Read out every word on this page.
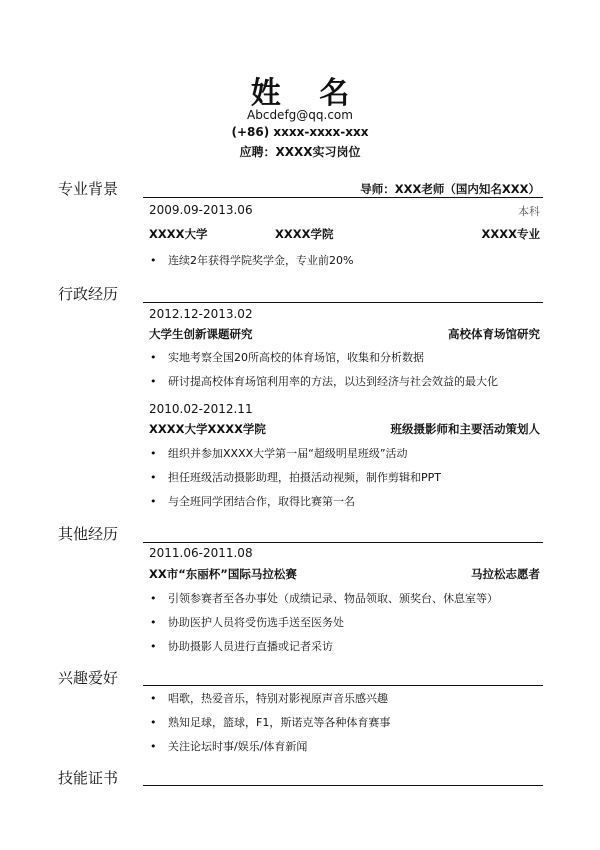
姓 名
Abcdefg@qq.com
(+86) xxxx-xxxx-xxx
应聘：XXXX实习岗位
专业背景	导师：XXX老师（国内知名XXX）
2009.09-2013.06	本科
XXXX大学	XXXX学院	XXXX专业
• 连续2年获得学院奖学金，专业前20%
行政经历
2012.12-2013.02
大学生创新课题研究	高校体育场馆研究
• 实地考察全国20所高校的体育场馆，收集和分析数据
• 研讨提高校体育场馆利用率的方法，以达到经济与社会效益的最大化
2010.02-2012.11
XXXX大学XXXX学院	班级摄影师和主要活动策划人
• 组织并参加XXXX大学第一届“超级明星班级”活动
• 担任班级活动摄影助理，拍摄活动视频，制作剪辑和PPT
• 与全班同学团结合作，取得比赛第一名
其他经历
2011.06-2011.08
XX市“东丽杯”国际马拉松赛	马拉松志愿者
• 引领参赛者至各办事处（成绩记录、物品领取、颁奖台、休息室等）
• 协助医护人员将受伤选手送至医务处
• 协助摄影人员进行直播或记者采访
兴趣爱好
• 唱歌，热爱音乐，特别对影视原声音乐感兴趣
• 熟知足球，篮球，F1，斯诺克等各种体育赛事
• 关注论坛时事/娱乐/体育新闻
技能证书
